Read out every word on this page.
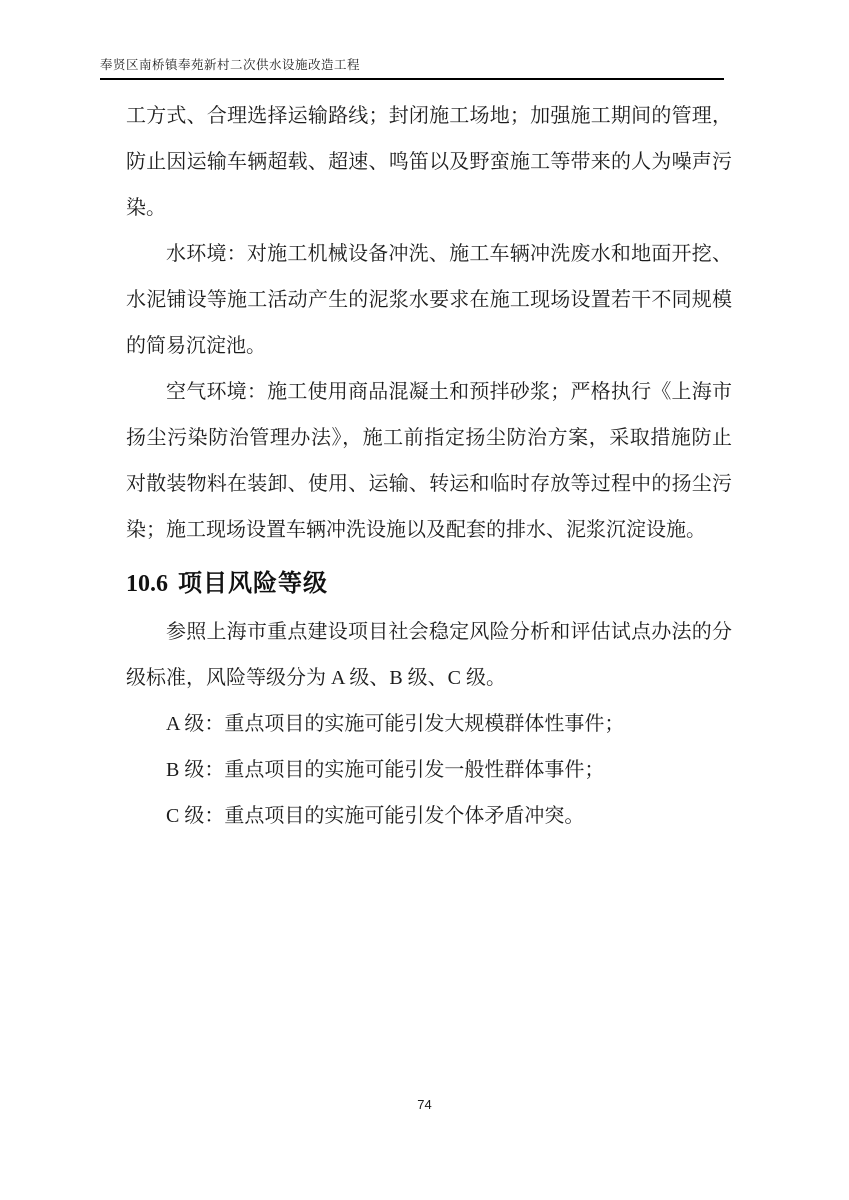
奉贤区南桥镇奉苑新村二次供水设施改造工程

工方式、合理选择运输路线；封闭施工场地；加强施工期间的管理，防止因运输车辆超载、超速、鸣笛以及野蛮施工等带来的人为噪声污染。

水环境：对施工机械设备冲洗、施工车辆冲洗废水和地面开挖、水泥铺设等施工活动产生的泥浆水要求在施工现场设置若干不同规模的简易沉淀池。

空气环境：施工使用商品混凝土和预拌砂浆；严格执行《上海市扬尘污染防治管理办法》，施工前指定扬尘防治方案，采取措施防止对散装物料在装卸、使用、运输、转运和临时存放等过程中的扬尘污染；施工现场设置车辆冲洗设施以及配套的排水、泥浆沉淀设施。

10.6 项目风险等级

参照上海市重点建设项目社会稳定风险分析和评估试点办法的分级标准，风险等级分为 A 级、B 级、C 级。

A 级：重点项目的实施可能引发大规模群体性事件；

B 级：重点项目的实施可能引发一般性群体事件；

C 级：重点项目的实施可能引发个体矛盾冲突。

74
